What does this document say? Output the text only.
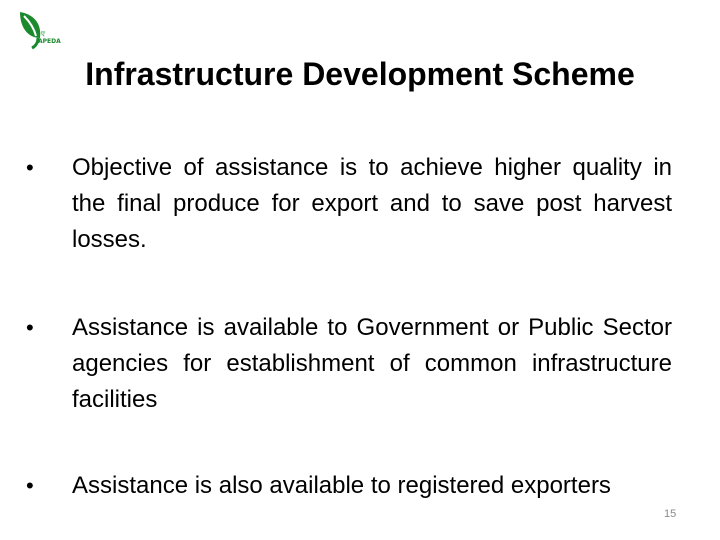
ए
APEDA
Infrastructure Development Scheme
•	Objective of assistance is to achieve higher quality in the final produce for export and to save post harvest losses.
•	Assistance is available to Government or Public Sector agencies for establishment of common infrastructure facilities
•	Assistance is also available to registered exporters
15
